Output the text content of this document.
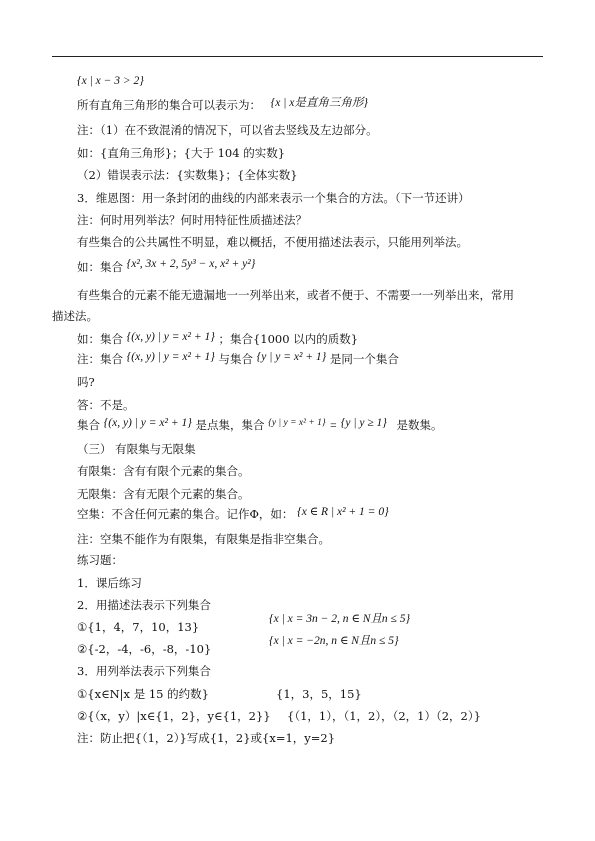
{x | x − 3 > 2}
所有直角三角形的集合可以表示为： {x | x是直角三角形}
注：（1）在不致混淆的情况下，可以省去竖线及左边部分。
如：{直角三角形}；{大于 104 的实数}
（2）错误表示法：{实数集}；{全体实数}
3．维恩图：用一条封闭的曲线的内部来表示一个集合的方法。（下一节还讲）
注：何时用列举法？何时用特征性质描述法？
有些集合的公共属性不明显，难以概括，不便用描述法表示，只能用列举法。
如：集合 {x², 3x + 2, 5y³ − x, x² + y²}
有些集合的元素不能无遗漏地一一列举出来，或者不便于、不需要一一列举出来，常用
描述法。
如：集合 {(x, y) | y = x² + 1} ；集合{1000 以内的质数}
注：集合 {(x, y) | y = x² + 1} 与集合 {y | y = x² + 1} 是同一个集合
吗?
答：不是。
集合 {(x, y) | y = x² + 1} 是点集，集合 $^{\{y | y = x^2 + 1\}}$ = {y | y ≥ 1} 是数集。
（三） 有限集与无限集
有限集：含有有限个元素的集合。
无限集：含有无限个元素的集合。
空集：不含任何元素的集合。记作Φ，如： {x ∈ R | x² + 1 = 0}
注：空集不能作为有限集，有限集是指非空集合。
练习题：
1．课后练习
2．用描述法表示下列集合
①{1，4，7，10，13}
{x | x = 3n − 2, n ∈ N且n ≤ 5}
②{-2，-4，-6，-8，-10}
{x | x = −2n, n ∈ N且n ≤ 5}
3．用列举法表示下列集合
①{x∈N|x 是 15 的约数}	{1，3，5，15}
②{（x，y）|x∈{1，2}，y∈{1，2}} {（1，1），（1，2），（2，1）（2，2）}
注：防止把{（1，2）}写成{1，2}或{x=1，y=2}
